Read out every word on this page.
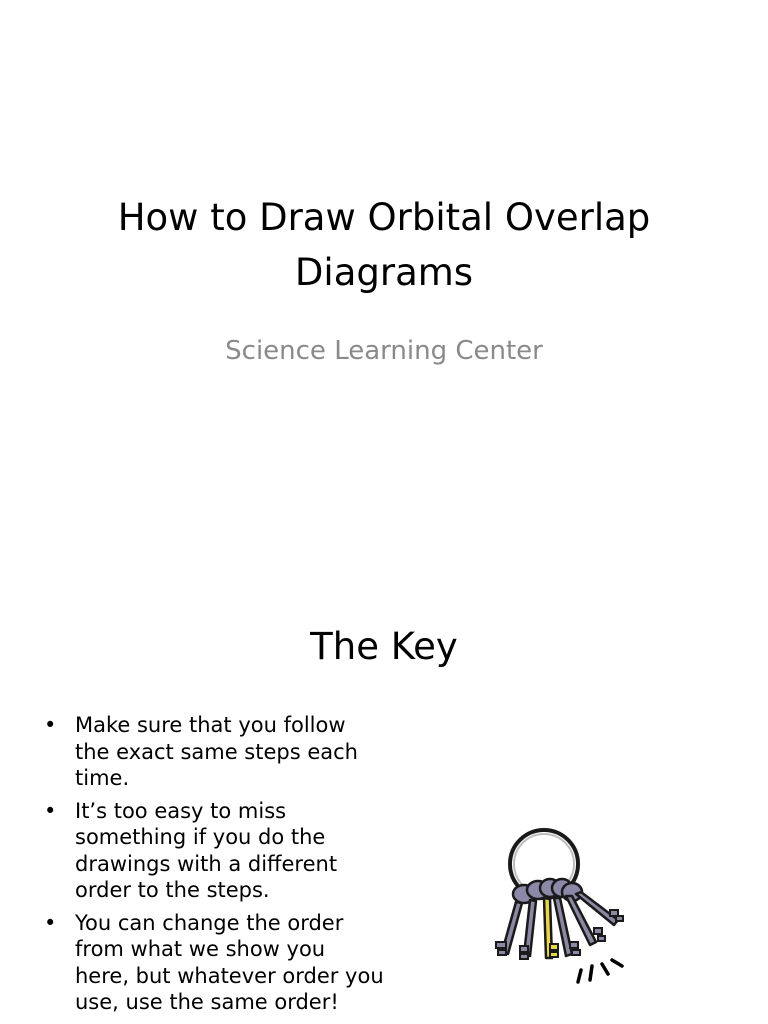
How to Draw Orbital Overlap
Diagrams
Science Learning Center
The Key
• Make sure that you follow the exact same steps each time.
• It’s too easy to miss something if you do the drawings with a different order to the steps.
• You can change the order from what we show you here, but whatever order you use, use the same order!
